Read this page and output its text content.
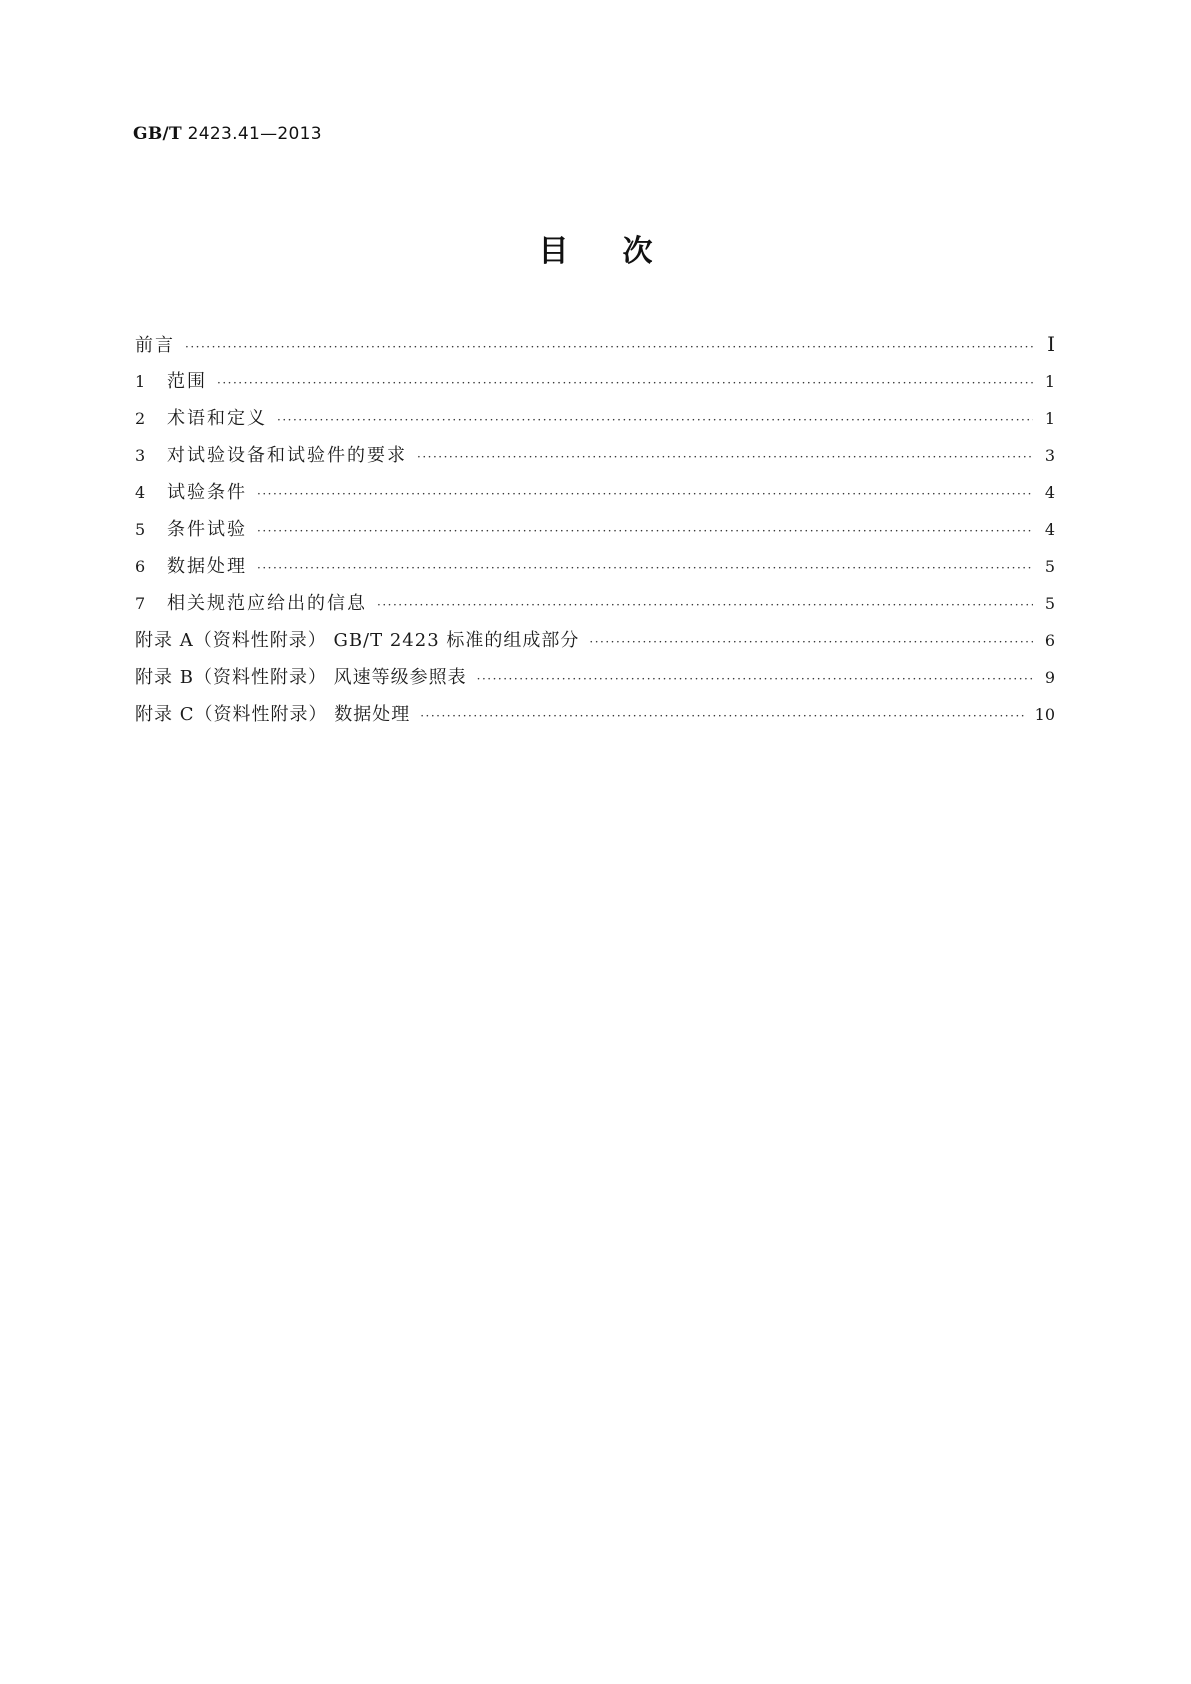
GB/T 2423.41—2013
目次
前言 ·····	Ⅰ
1	范围 ·····	1
2	术语和定义 ·····	1
3	对试验设备和试验件的要求 ·····	3
4	试验条件 ·····	4
5	条件试验 ·····	4
6	数据处理 ·····	5
7	相关规范应给出的信息 ·····	5
附录 A（资料性附录） GB/T 2423 标准的组成部分 ·····	6
附录 B（资料性附录） 风速等级参照表 ·····	9
附录 C（资料性附录） 数据处理 ·····	10
